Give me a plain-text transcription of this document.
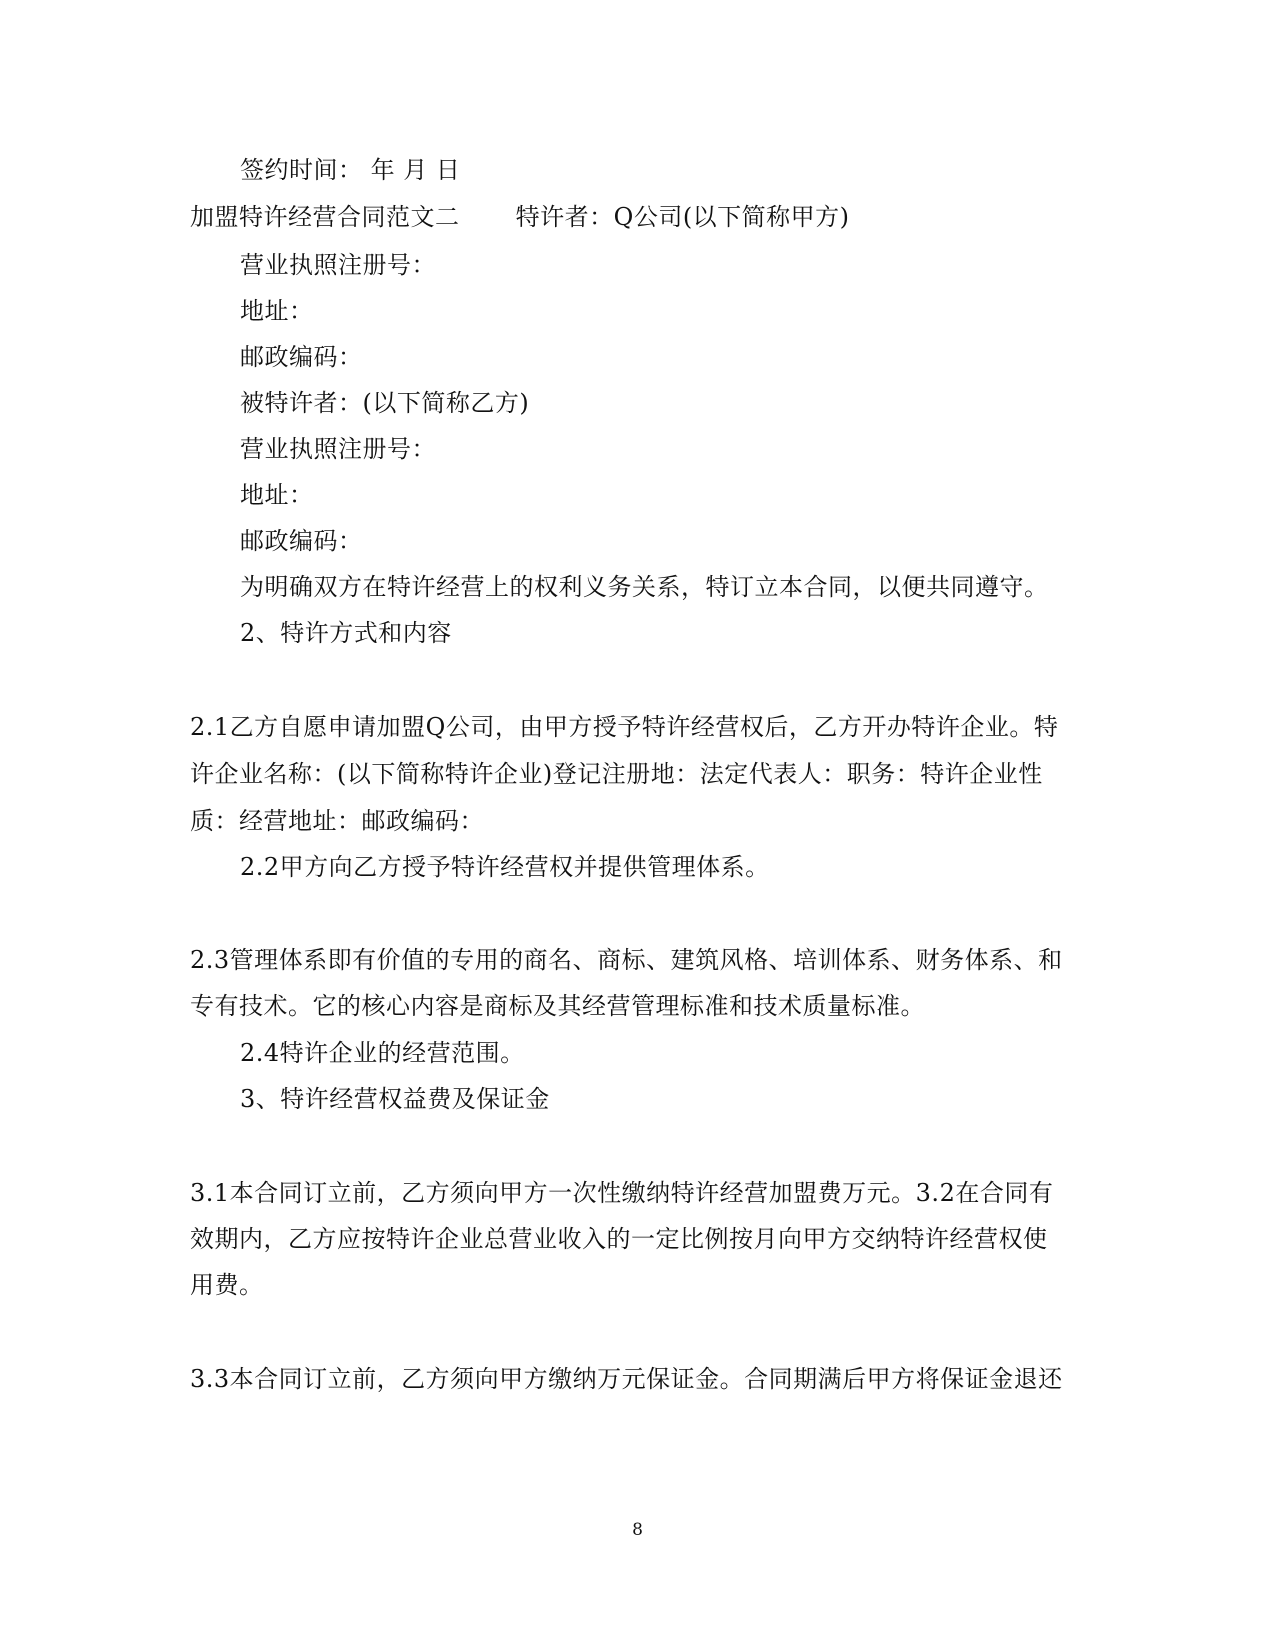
签约时间： 年 月 日
加盟特许经营合同范文二 特许者：Q公司(以下简称甲方)
营业执照注册号：
地址：
邮政编码：
被特许者：(以下简称乙方)
营业执照注册号：
地址：
邮政编码：
为明确双方在特许经营上的权利义务关系，特订立本合同，以便共同遵守。
2、特许方式和内容
2.1乙方自愿申请加盟Q公司，由甲方授予特许经营权后，乙方开办特许企业。特
许企业名称：(以下简称特许企业)登记注册地：法定代表人：职务：特许企业性
质：经营地址：邮政编码：
2.2甲方向乙方授予特许经营权并提供管理体系。
2.3管理体系即有价值的专用的商名、商标、建筑风格、培训体系、财务体系、和
专有技术。它的核心内容是商标及其经营管理标准和技术质量标准。
2.4特许企业的经营范围。
3、特许经营权益费及保证金
3.1本合同订立前，乙方须向甲方一次性缴纳特许经营加盟费万元。3.2在合同有
效期内，乙方应按特许企业总营业收入的一定比例按月向甲方交纳特许经营权使
用费。
3.3本合同订立前，乙方须向甲方缴纳万元保证金。合同期满后甲方将保证金退还
8
